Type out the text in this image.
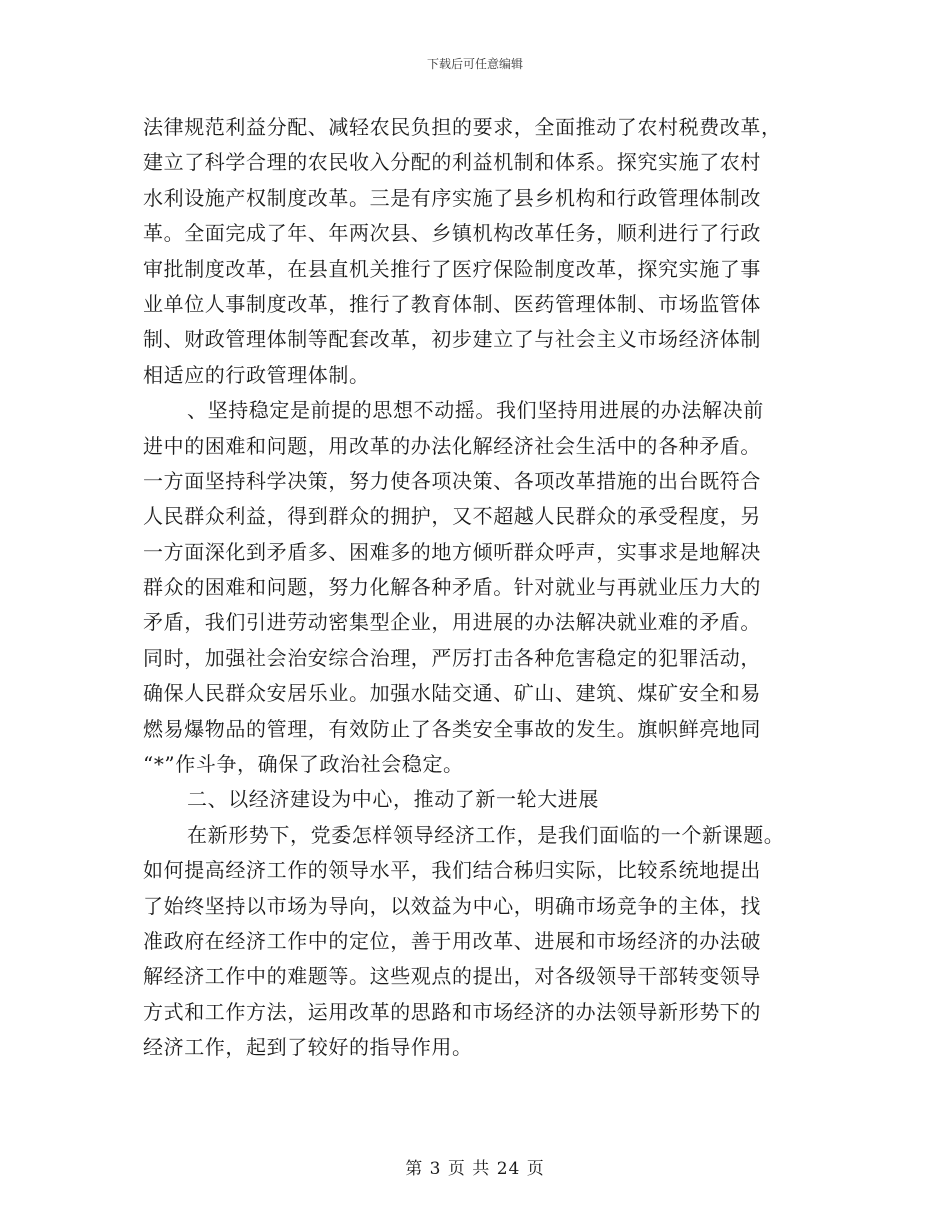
下载后可任意编辑
法律规范利益分配、减轻农民负担的要求，全面推动了农村税费改革，
建立了科学合理的农民收入分配的利益机制和体系。探究实施了农村
水利设施产权制度改革。三是有序实施了县乡机构和行政管理体制改
革。全面完成了年、年两次县、乡镇机构改革任务，顺利进行了行政
审批制度改革，在县直机关推行了医疗保险制度改革，探究实施了事
业单位人事制度改革，推行了教育体制、医药管理体制、市场监管体
制、财政管理体制等配套改革，初步建立了与社会主义市场经济体制
相适应的行政管理体制。
、坚持稳定是前提的思想不动摇。我们坚持用进展的办法解决前
进中的困难和问题，用改革的办法化解经济社会生活中的各种矛盾。
一方面坚持科学决策，努力使各项决策、各项改革措施的出台既符合
人民群众利益，得到群众的拥护，又不超越人民群众的承受程度，另
一方面深化到矛盾多、困难多的地方倾听群众呼声，实事求是地解决
群众的困难和问题，努力化解各种矛盾。针对就业与再就业压力大的
矛盾，我们引进劳动密集型企业，用进展的办法解决就业难的矛盾。
同时，加强社会治安综合治理，严厉打击各种危害稳定的犯罪活动，
确保人民群众安居乐业。加强水陆交通、矿山、建筑、煤矿安全和易
燃易爆物品的管理，有效防止了各类安全事故的发生。旗帜鲜亮地同
“*”作斗争，确保了政治社会稳定。
二、以经济建设为中心，推动了新一轮大进展
在新形势下，党委怎样领导经济工作，是我们面临的一个新课题。
如何提高经济工作的领导水平，我们结合秭归实际，比较系统地提出
了始终坚持以市场为导向，以效益为中心，明确市场竞争的主体，找
准政府在经济工作中的定位，善于用改革、进展和市场经济的办法破
解经济工作中的难题等。这些观点的提出，对各级领导干部转变领导
方式和工作方法，运用改革的思路和市场经济的办法领导新形势下的
经济工作，起到了较好的指导作用。
第 3 页 共 24 页
